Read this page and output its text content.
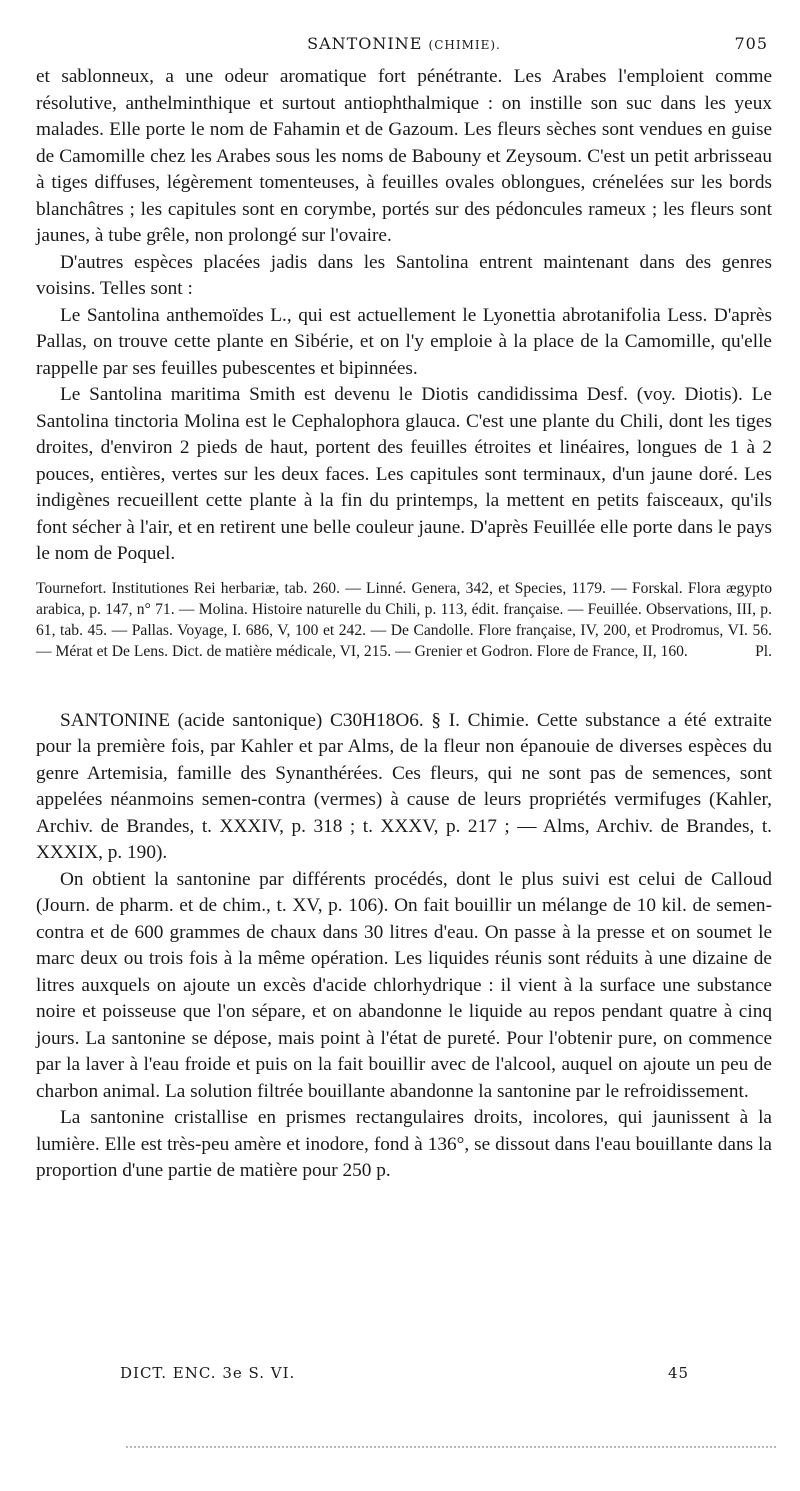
SANTONINE (CHIMIE).	705

et sablonneux, a une odeur aromatique fort pénétrante. Les Arabes l'emploient comme résolutive, anthelminthique et surtout antiophthalmique : on instille son suc dans les yeux malades. Elle porte le nom de Fahamin et de Gazoum. Les fleurs sèches sont vendues en guise de Camomille chez les Arabes sous les noms de Babouny et Zeysoum. C'est un petit arbrisseau à tiges diffuses, légèrement tomenteuses, à feuilles ovales oblongues, crénelées sur les bords blanchâtres ; les capitules sont en corymbe, portés sur des pédoncules rameux ; les fleurs sont jaunes, à tube grêle, non prolongé sur l'ovaire.

D'autres espèces placées jadis dans les Santolina entrent maintenant dans des genres voisins. Telles sont :

Le Santolina anthemoïdes L., qui est actuellement le Lyonettia abrotanifolia Less. D'après Pallas, on trouve cette plante en Sibérie, et on l'y emploie à la place de la Camomille, qu'elle rappelle par ses feuilles pubescentes et bipinnées.

Le Santolina maritima Smith est devenu le Diotis candidissima Desf. (voy. Diotis). Le Santolina tinctoria Molina est le Cephalophora glauca. C'est une plante du Chili, dont les tiges droites, d'environ 2 pieds de haut, portent des feuilles étroites et linéaires, longues de 1 à 2 pouces, entières, vertes sur les deux faces. Les capitules sont terminaux, d'un jaune doré. Les indigènes recueillent cette plante à la fin du printemps, la mettent en petits faisceaux, qu'ils font sécher à l'air, et en retirent une belle couleur jaune. D'après Feuillée elle porte dans le pays le nom de Poquel.

Tournefort. Institutiones Rei herbariæ, tab. 260. — Linné. Genera, 342, et Species, 1179. — Forskal. Flora ægypto arabica, p. 147, n° 71. — Molina. Histoire naturelle du Chili, p. 113, édit. française. — Feuillée. Observations, III, p. 61, tab. 45. — Pallas. Voyage, I. 686, V, 100 et 242. — De Candolle. Flore française, IV, 200, et Prodromus, VI. 56. — Mérat et De Lens. Dict. de matière médicale, VI, 215. — Grenier et Godron. Flore de France, II, 160.	Pl.

SANTONINE (acide santonique) C30H18O6. § I. Chimie. Cette substance a été extraite pour la première fois, par Kahler et par Alms, de la fleur non épanouie de diverses espèces du genre Artemisia, famille des Synanthérées. Ces fleurs, qui ne sont pas de semences, sont appelées néanmoins semen-contra (vermes) à cause de leurs propriétés vermifuges (Kahler, Archiv. de Brandes, t. XXXIV, p. 318 ; t. XXXV, p. 217 ; — Alms, Archiv. de Brandes, t. XXXIX, p. 190).

On obtient la santonine par différents procédés, dont le plus suivi est celui de Calloud (Journ. de pharm. et de chim., t. XV, p. 106). On fait bouillir un mélange de 10 kil. de semen-contra et de 600 grammes de chaux dans 30 litres d'eau. On passe à la presse et on soumet le marc deux ou trois fois à la même opération. Les liquides réunis sont réduits à une dizaine de litres auxquels on ajoute un excès d'acide chlorhydrique : il vient à la surface une substance noire et poisseuse que l'on sépare, et on abandonne le liquide au repos pendant quatre à cinq jours. La santonine se dépose, mais point à l'état de pureté. Pour l'obtenir pure, on commence par la laver à l'eau froide et puis on la fait bouillir avec de l'alcool, auquel on ajoute un peu de charbon animal. La solution filtrée bouillante abandonne la santonine par le refroidissement.

La santonine cristallise en prismes rectangulaires droits, incolores, qui jaunissent à la lumière. Elle est très-peu amère et inodore, fond à 136°, se dissout dans l'eau bouillante dans la proportion d'une partie de matière pour 250 p.

DICT. ENC. 3e S. VI.	45
